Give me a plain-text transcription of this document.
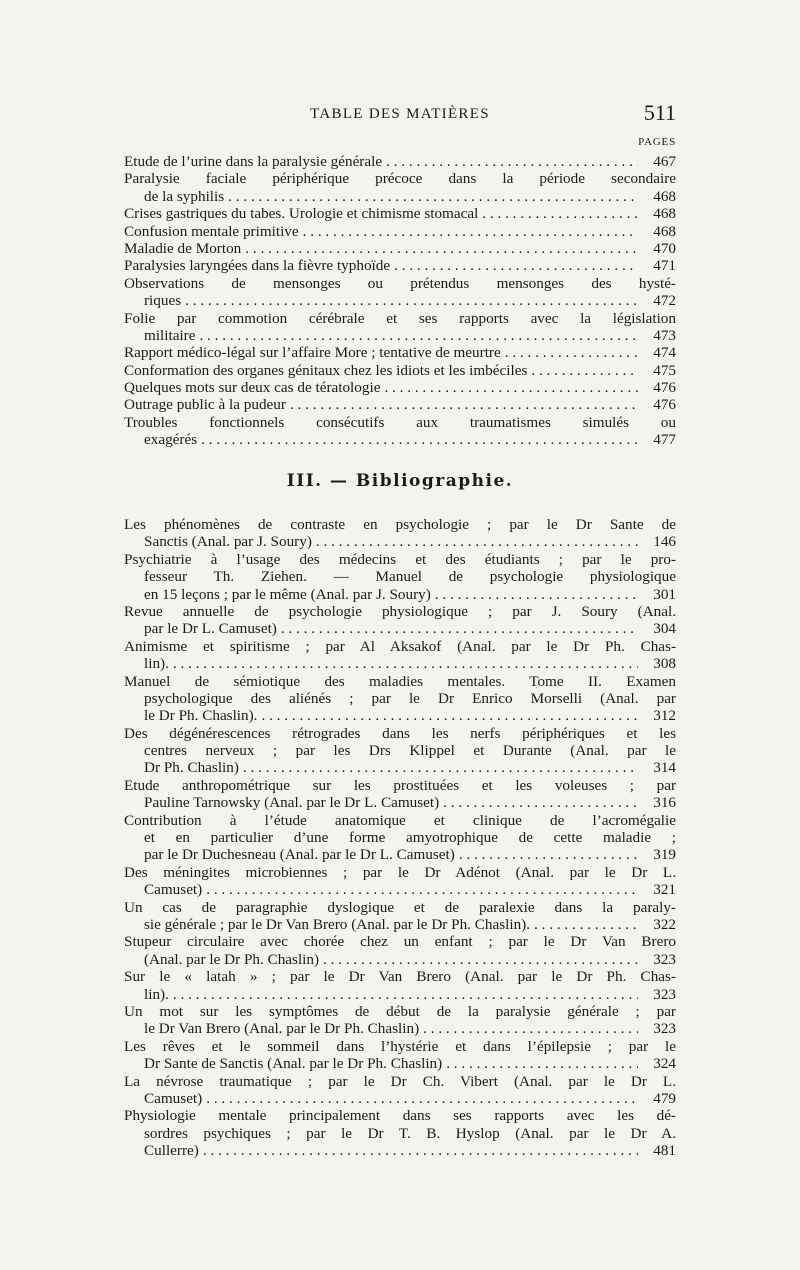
TABLE DES MATIÈRES	511
PAGES
Etude de l’urine dans la paralysie générale . . .	467
Paralysie faciale périphérique précoce dans la période secondaire
de la syphilis . . .	468
Crises gastriques du tabes. Urologie et chimisme stomacal . . .	468
Confusion mentale primitive . . .	468
Maladie de Morton . . .	470
Paralysies laryngées dans la fièvre typhoïde . . .	471
Observations de mensonges ou prétendus mensonges des hysté-
riques . . .	472
Folie par commotion cérébrale et ses rapports avec la législation
militaire . . .	473
Rapport médico-légal sur l’affaire More ; tentative de meurtre . . .	474
Conformation des organes génitaux chez les idiots et les imbéciles . . .	475
Quelques mots sur deux cas de tératologie . . .	476
Outrage public à la pudeur . . .	476
Troubles fonctionnels consécutifs aux traumatismes simulés ou
exagérés . . .	477
III. — Bibliographie.
Les phénomènes de contraste en psychologie ; par le Dr Sante de
Sanctis (Anal. par J. Soury) . . .	146
Psychiatrie à l’usage des médecins et des étudiants ; par le pro-
fesseur Th. Ziehen. — Manuel de psychologie physiologique
en 15 leçons ; par le même (Anal. par J. Soury) . . .	301
Revue annuelle de psychologie physiologique ; par J. Soury (Anal.
par le Dr L. Camuset) . . .	304
Animisme et spiritisme ; par Al Aksakof (Anal. par le Dr Ph. Chas-
lin). . . .	308
Manuel de sémiotique des maladies mentales. Tome II. Examen
psychologique des aliénés ; par le Dr Enrico Morselli (Anal. par
le Dr Ph. Chaslin). . . .	312
Des dégénérescences rétrogrades dans les nerfs périphériques et les
centres nerveux ; par les Drs Klippel et Durante (Anal. par le
Dr Ph. Chaslin) . . .	314
Etude anthropométrique sur les prostituées et les voleuses ; par
Pauline Tarnowsky (Anal. par le Dr L. Camuset) . . .	316
Contribution à l’étude anatomique et clinique de l’acromégalie
et en particulier d’une forme amyotrophique de cette maladie ;
par le Dr Duchesneau (Anal. par le Dr L. Camuset) . . .	319
Des méningites microbiennes ; par le Dr Adénot (Anal. par le Dr L.
Camuset) . . .	321
Un cas de paragraphie dyslogique et de paralexie dans la paraly-
sie générale ; par le Dr Van Brero (Anal. par le Dr Ph. Chaslin). . . .	322
Stupeur circulaire avec chorée chez un enfant ; par le Dr Van Brero
(Anal. par le Dr Ph. Chaslin) . . .	323
Sur le « latah » ; par le Dr Van Brero (Anal. par le Dr Ph. Chas-
lin). . . .	323
Un mot sur les symptômes de début de la paralysie générale ; par
le Dr Van Brero (Anal. par le Dr Ph. Chaslin) . . .	323
Les rêves et le sommeil dans l’hystérie et dans l’épilepsie ; par le
Dr Sante de Sanctis (Anal. par le Dr Ph. Chaslin) . . .	324
La névrose traumatique ; par le Dr Ch. Vibert (Anal. par le Dr L.
Camuset) . . .	479
Physiologie mentale principalement dans ses rapports avec les dé-
sordres psychiques ; par le Dr T. B. Hyslop (Anal. par le Dr A.
Cullerre) . . .	481
